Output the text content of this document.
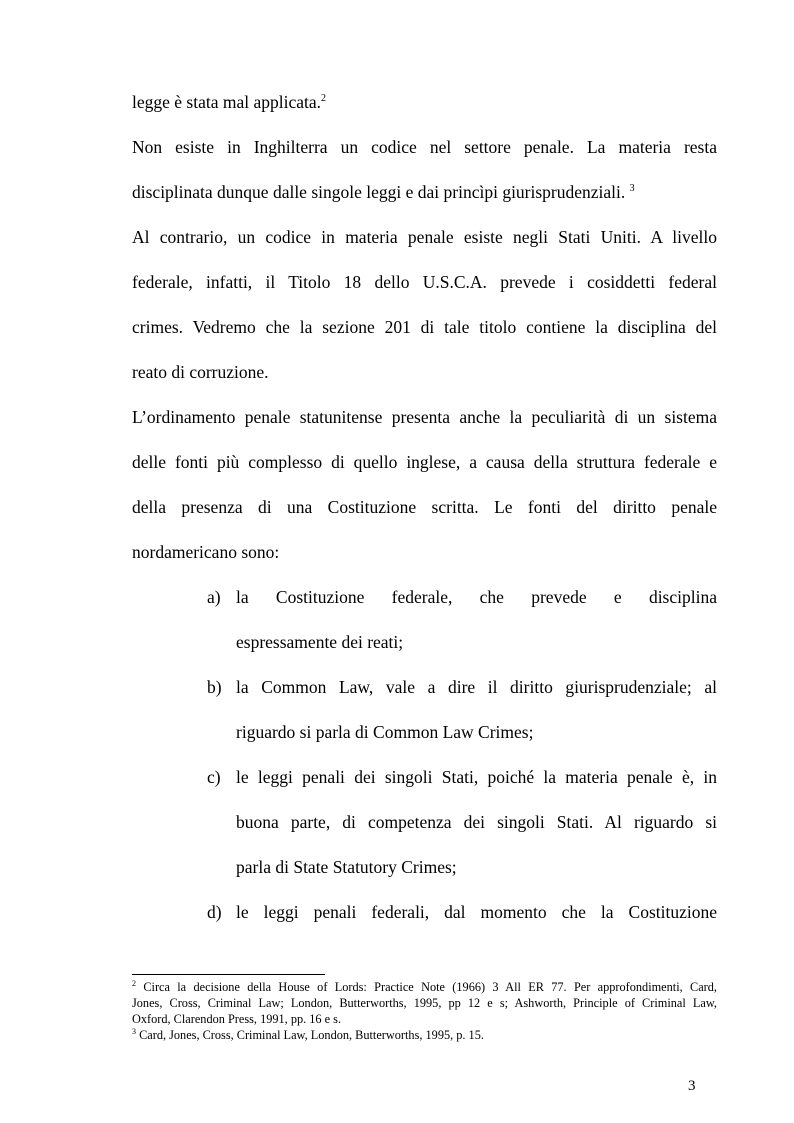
legge è stata mal applicata.$^2$
Non esiste in Inghilterra un codice nel settore penale. La materia resta
disciplinata dunque dalle singole leggi e dai princìpi giurisprudenziali. $^3$
Al contrario, un codice in materia penale esiste negli Stati Uniti. A livello
federale, infatti, il Titolo 18 dello U.S.C.A. prevede i cosiddetti federal
crimes. Vedremo che la sezione 201 di tale titolo contiene la disciplina del
reato di corruzione.
L’ordinamento penale statunitense presenta anche la peculiarità di un sistema
delle fonti più complesso di quello inglese, a causa della struttura federale e
della presenza di una Costituzione scritta. Le fonti del diritto penale
nordamericano sono:
a) la Costituzione federale, che prevede e disciplina
espressamente dei reati;
b) la Common Law, vale a dire il diritto giurisprudenziale; al
riguardo si parla di Common Law Crimes;
c) le leggi penali dei singoli Stati, poiché la materia penale è, in
buona parte, di competenza dei singoli Stati. Al riguardo si
parla di State Statutory Crimes;
d) le leggi penali federali, dal momento che la Costituzione
$^2$ Circa la decisione della House of Lords: Practice Note (1966) 3 All ER 77. Per approfondimenti, Card,
Jones, Cross, Criminal Law; London, Butterworths, 1995, pp 12 e s; Ashworth, Principle of Criminal Law,
Oxford, Clarendon Press, 1991, pp. 16 e s.
$^3$ Card, Jones, Cross, Criminal Law, London, Butterworths, 1995, p. 15.
3
